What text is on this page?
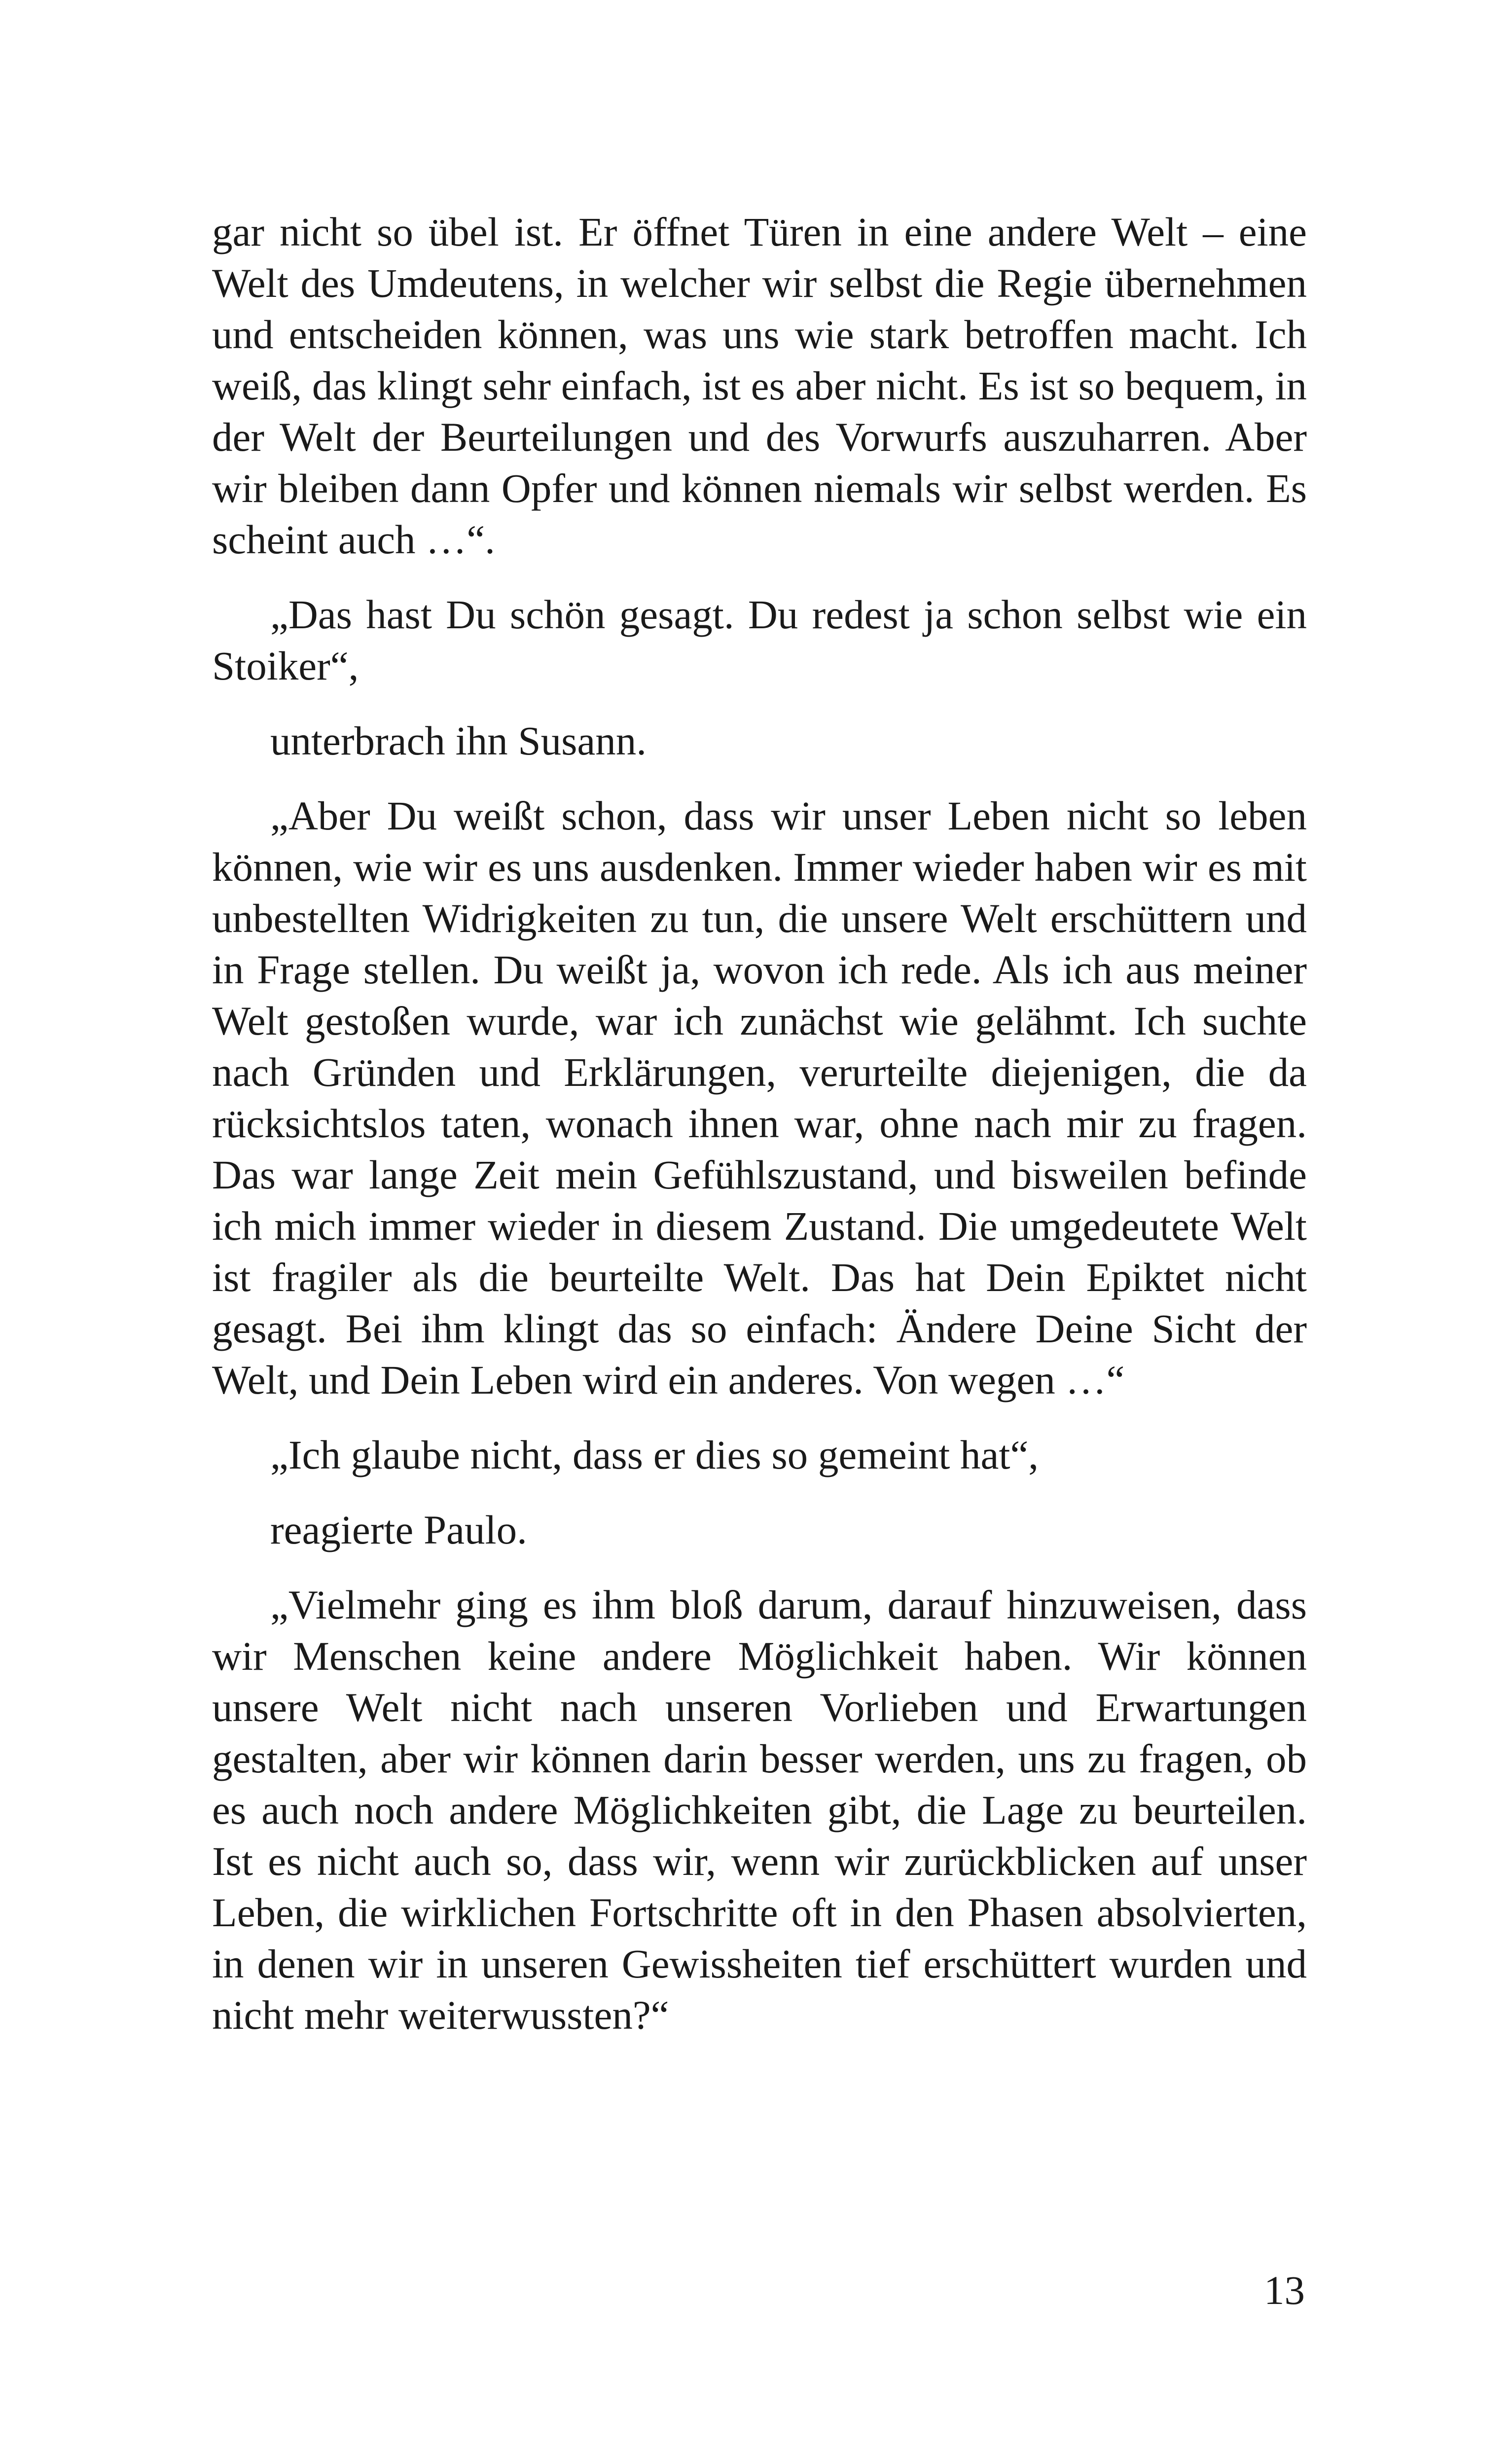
gar nicht so übel ist. Er öffnet Türen in eine andere Welt – eine Welt des Umdeutens, in welcher wir selbst die Regie übernehmen und entscheiden können, was uns wie stark betroffen macht. Ich weiß, das klingt sehr einfach, ist es aber nicht. Es ist so bequem, in der Welt der Beurteilungen und des Vorwurfs auszuharren. Aber wir bleiben dann Opfer und können niemals wir selbst werden. Es scheint auch …“.

„Das hast Du schön gesagt. Du redest ja schon selbst wie ein Stoiker“,

unterbrach ihn Susann.

„Aber Du weißt schon, dass wir unser Leben nicht so leben können, wie wir es uns ausdenken. Immer wieder haben wir es mit unbestellten Widrigkeiten zu tun, die unsere Welt erschüttern und in Frage stellen. Du weißt ja, wovon ich rede. Als ich aus meiner Welt gestoßen wurde, war ich zunächst wie gelähmt. Ich suchte nach Gründen und Erklärungen, verurteilte diejenigen, die da rücksichtslos taten, wonach ihnen war, ohne nach mir zu fragen. Das war lange Zeit mein Gefühlszustand, und bisweilen befinde ich mich immer wieder in diesem Zustand. Die umgedeutete Welt ist fragiler als die beurteilte Welt. Das hat Dein Epiktet nicht gesagt. Bei ihm klingt das so einfach: Ändere Deine Sicht der Welt, und Dein Leben wird ein anderes. Von wegen …“

„Ich glaube nicht, dass er dies so gemeint hat“,

reagierte Paulo.

„Vielmehr ging es ihm bloß darum, darauf hinzuweisen, dass wir Menschen keine andere Möglichkeit haben. Wir können unsere Welt nicht nach unseren Vorlieben und Erwartungen gestalten, aber wir können darin besser werden, uns zu fragen, ob es auch noch andere Möglichkeiten gibt, die Lage zu beurteilen. Ist es nicht auch so, dass wir, wenn wir zurückblicken auf unser Leben, die wirklichen Fortschritte oft in den Phasen absolvierten, in denen wir in unseren Gewissheiten tief erschüttert wurden und nicht mehr weiterwussten?“

13
